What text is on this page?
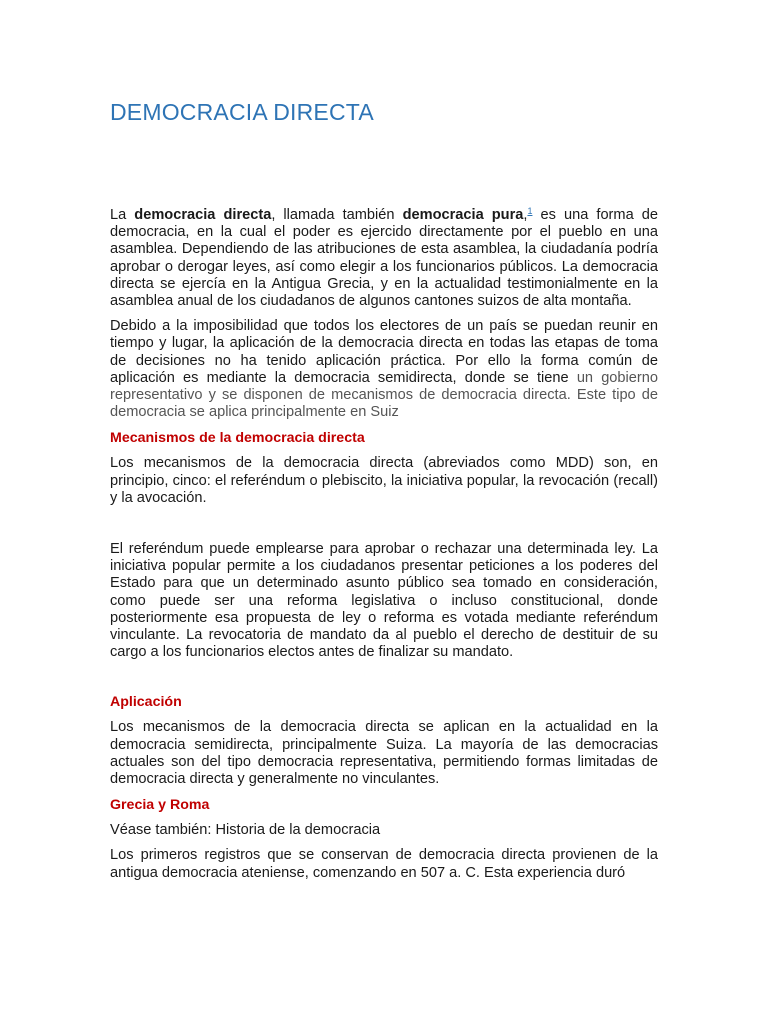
DEMOCRACIA DIRECTA

La democracia directa, llamada también democracia pura,$^1$ es una forma de democracia, en la cual el poder es ejercido directamente por el pueblo en una asamblea. Dependiendo de las atribuciones de esta asamblea, la ciudadanía podría aprobar o derogar leyes, así como elegir a los funcionarios públicos. La democracia directa se ejercía en la Antigua Grecia, y en la actualidad testimonialmente en la asamblea anual de los ciudadanos de algunos cantones suizos de alta montaña.

Debido a la imposibilidad que todos los electores de un país se puedan reunir en tiempo y lugar, la aplicación de la democracia directa en todas las etapas de toma de decisiones no ha tenido aplicación práctica. Por ello la forma común de aplicación es mediante la democracia semidirecta, donde se tiene un gobierno representativo y se disponen de mecanismos de democracia directa. Este tipo de democracia se aplica principalmente en Suiz

Mecanismos de la democracia directa

Los mecanismos de la democracia directa (abreviados como MDD) son, en principio, cinco: el referéndum o plebiscito, la iniciativa popular, la revocación (recall) y la avocación.

El referéndum puede emplearse para aprobar o rechazar una determinada ley. La iniciativa popular permite a los ciudadanos presentar peticiones a los poderes del Estado para que un determinado asunto público sea tomado en consideración, como puede ser una reforma legislativa o incluso constitucional, donde posteriormente esa propuesta de ley o reforma es votada mediante referéndum vinculante. La revocatoria de mandato da al pueblo el derecho de destituir de su cargo a los funcionarios electos antes de finalizar su mandato.

Aplicación

Los mecanismos de la democracia directa se aplican en la actualidad en la democracia semidirecta, principalmente Suiza. La mayoría de las democracias actuales son del tipo democracia representativa, permitiendo formas limitadas de democracia directa y generalmente no vinculantes.

Grecia y Roma

Véase también: Historia de la democracia

Los primeros registros que se conservan de democracia directa provienen de la antigua democracia ateniense, comenzando en 507 a. C. Esta experiencia duró
